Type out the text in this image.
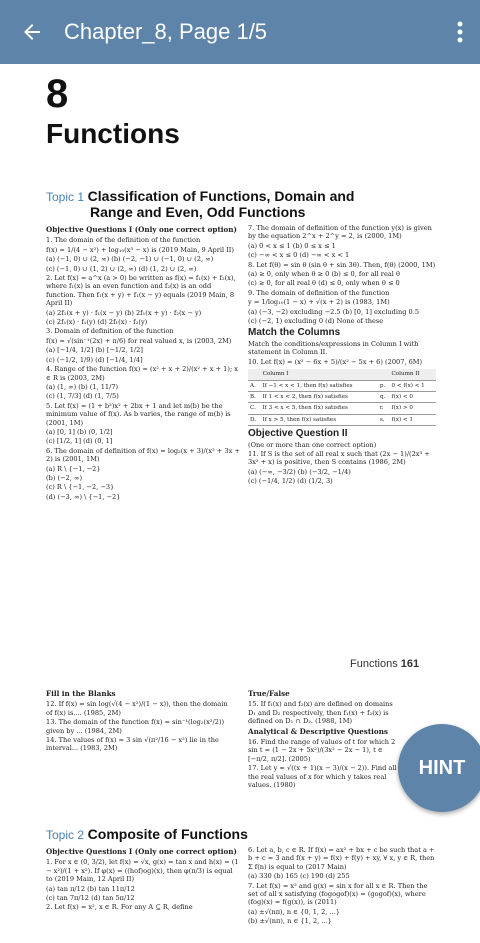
Chapter_8, Page 1/5
8
Functions
Topic 1 Classification of Functions, Domain and
Range and Even, Odd Functions

Objective Questions I (Only one correct option)

1. The domain of the definition of the function

f(x) = 1/(4 − x²) + log₁₀(x³ − x) is (2019 Main, 9 April II)

(a) (−1, 0) ∪ (2, ∞) (b) (−2, −1) ∪ (−1, 0) ∪ (2, ∞)

(c) (−1, 0) ∪ (1, 2) ∪ (2, ∞) (d) (1, 2) ∪ (2, ∞)

2. Let f(x) = a^x (a > 0) be written as f(x) = f₁(x) + f₂(x), where f₁(x) is an even function and f₂(x) is an odd function. Then f₁(x + y) + f₁(x − y) equals (2019 Main, 8 April II)

(a) 2f₁(x + y) · f₁(x − y) (b) 2f₁(x + y) · f₂(x − y)

(c) 2f₁(x) · f₁(y) (d) 2f₁(x) · f₂(y)

3. Domain of definition of the function

f(x) = √(sin⁻¹(2x) + π/6) for real valued x, is (2003, 2M)

(a) [−1/4, 1/2] (b) [−1/2, 1/2]

(c) (−1/2, 1/9) (d) [−1/4, 1/4]

4. Range of the function f(x) = (x² + x + 2)/(x² + x + 1); x ∈ R is (2003, 2M)

(a) (1, ∞) (b) (1, 11/7)

(c) (1, 7/3] (d) (1, 7/5)

5. Let f(x) = (1 + b²)x² + 2bx + 1 and let m(b) be the minimum value of f(x). As b varies, the range of m(b) is (2001, 1M)

(a) [0, 1] (b) (0, 1/2]

(c) [1/2, 1] (d) (0, 1]

6. The domain of definition of f(x) = log₂(x + 3)/(x² + 3x + 2) is (2001, 1M)

(a) R \ {−1, −2}

(b) (−2, ∞)

(c) R \ {−1, −2, −3}

(d) (−3, ∞) \ {−1, −2}

7. The domain of definition of the function y(x) is given by the equation 2^x + 2^y = 2, is (2000, 1M)

(a) 0 < x ≤ 1 (b) 0 ≤ x ≤ 1

(c) −∞ < x ≤ 0 (d) −∞ < x < 1

8. Let f(θ) = sin θ (sin θ + sin 3θ). Then, f(θ) (2000, 1M)

(a) ≥ 0, only when θ ≥ 0 (b) ≤ 0, for all real θ

(c) ≥ 0, for all real θ (d) ≤ 0, only when θ ≤ 0

9. The domain of definition of the function

y = 1/log₁₀(1 − x) + √(x + 2) is (1983, 1M)

(a) (−3, −2) excluding −2.5 (b) [0, 1] excluding 0.5

(c) (−2, 1) excluding 0 (d) None of these

Match the Columns

Match the conditions/expressions in Column I with statement in Column II.

10. Let f(x) = (x² − 6x + 5)/(x² − 5x + 6) (2007, 6M)

	Column I		Column II
A.	If −1 < x < 1, then f(x) satisfies	p.	0 < f(x) < 1
B.	If 1 < x < 2, then f(x) satisfies	q.	f(x) < 0
C.	If 3 < x < 5, then f(x) satisfies	r.	f(x) > 0
D.	If x > 5, then f(x) satisfies	s.	f(x) < 1

Objective Question II

(One or more than one correct option)

11. If S is the set of all real x such that (2x − 1)/(2x³ + 3x² + x) is positive, then S contains (1986, 2M)

(a) (−∞, −3/2) (b) (−3/2, −1/4)

(c) (−1/4, 1/2) (d) (1/2, 3)

Functions 161

Fill in the Blanks

12. If f(x) = sin log(√(4 − x²)/(1 − x)), then the domain of f(x) is.... (1985, 2M)

13. The domain of the function f(x) = sin⁻¹(log₂(x²/2)) given by ... (1984, 2M)

14. The values of f(x) = 3 sin √(π²/16 − x²) lie in the interval... (1983, 2M)

True/False

15. If f₁(x) and f₂(x) are defined on domains D₁ and D₂ respectively, then f₁(x) + f₂(x) is defined on D₁ ∩ D₂. (1988, 1M)

Analytical & Descriptive Questions

16. Find the range of values of t for which 2 sin t = (1 − 2x + 5x²)/(3x² − 2x − 1), t ∈ [−π/2, π/2]. (2005)

17. Let y = √((x + 1)(x − 3)/(x − 2)). Find all the real values of x for which y takes real values. (1980)

Topic 2 Composite of Functions

Objective Questions I (Only one correct option)

1. For x ∈ (0, 3/2), let f(x) = √x, g(x) = tan x and h(x) = (1 − x²)/(1 + x²). If φ(x) = ((hof)og)(x), then φ(π/3) is equal to (2019 Main, 12 April II)

(a) tan π/12 (b) tan 11π/12

(c) tan 7π/12 (d) tan 5π/12

2. Let f(x) = x², x ∈ R. For any A ⊆ R, define

6. Let a, b, c ∈ R. If f(x) = ax² + bx + c be such that a + b + c = 3 and f(x + y) = f(x) + f(y) + xy, ∀ x, y ∈ R, then Σ f(n) is equal to (2017 Main)

(a) 330 (b) 165 (c) 190 (d) 255

7. Let f(x) = x² and g(x) = sin x for all x ∈ R. Then the set of all x satisfying (fogogof)(x) = (gogof)(x), where (fog)(x) = f(g(x)), is (2011)

(a) ±√(nπ), n ∈ {0, 1, 2, ...}

(b) ±√(nπ), n ∈ {1, 2, ...}

HINT
